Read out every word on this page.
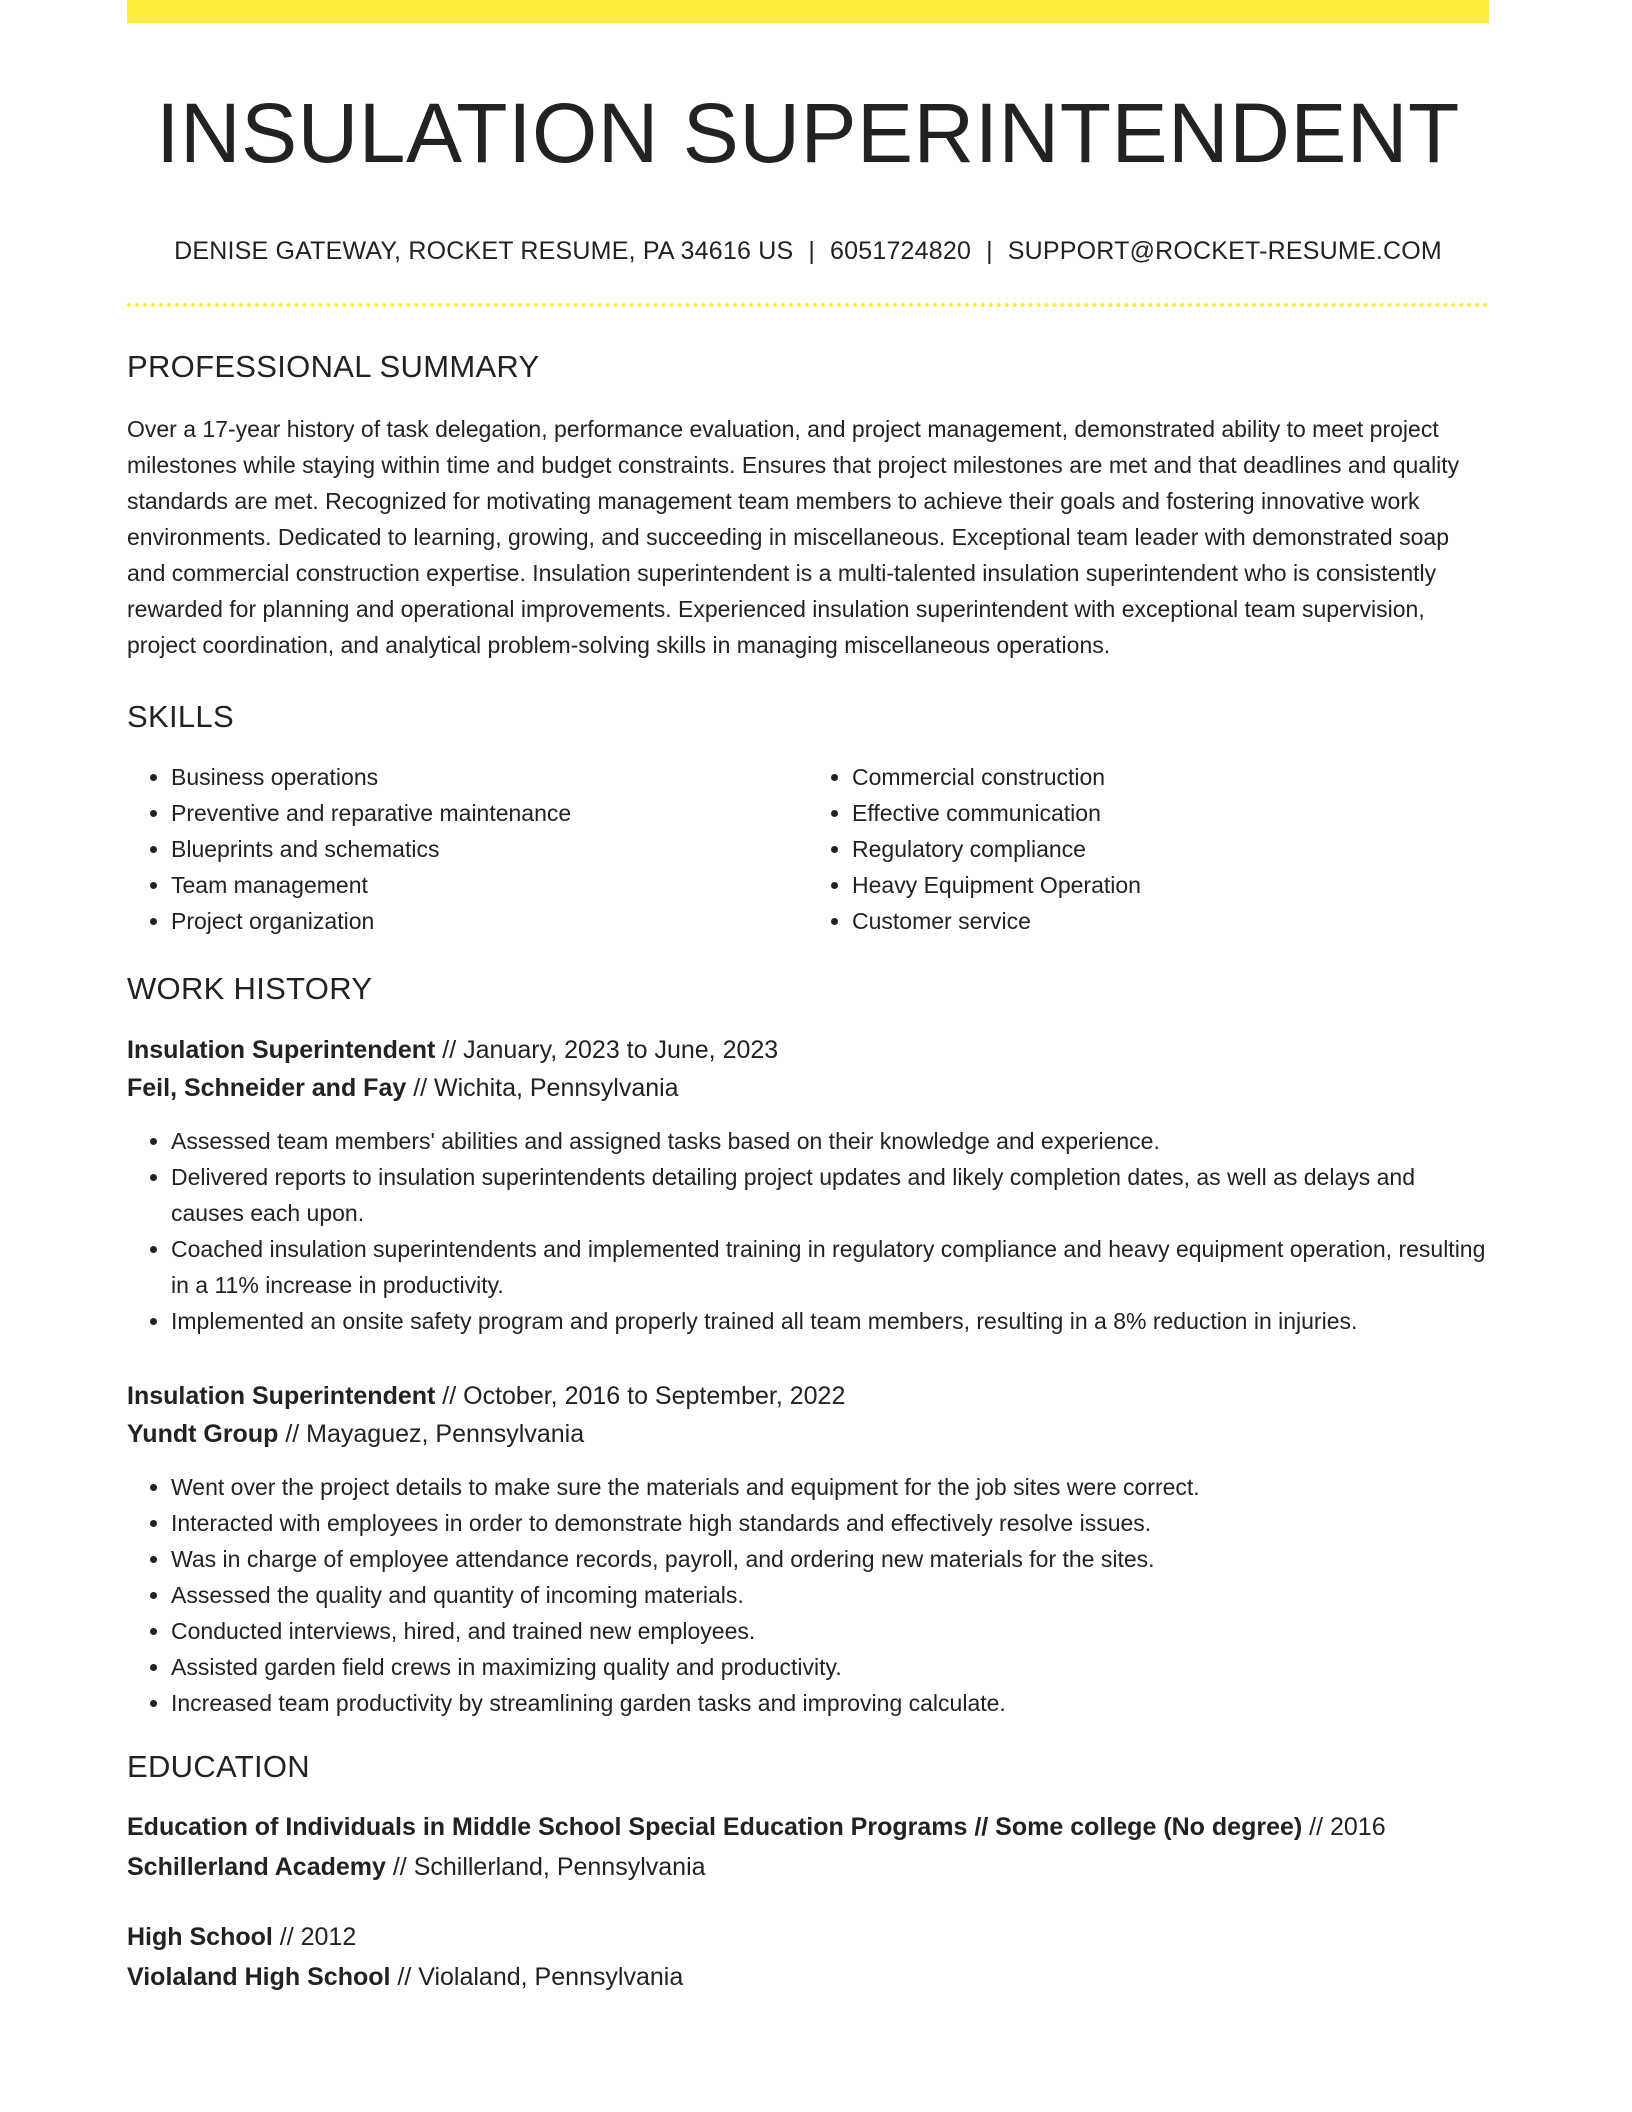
INSULATION SUPERINTENDENT
DENISE GATEWAY, ROCKET RESUME, PA 34616 US | 6051724820 | SUPPORT@ROCKET-RESUME.COM
PROFESSIONAL SUMMARY

Over a 17-year history of task delegation, performance evaluation, and project management, demonstrated ability to meet project milestones while staying within time and budget constraints. Ensures that project milestones are met and that deadlines and quality standards are met. Recognized for motivating management team members to achieve their goals and fostering innovative work environments. Dedicated to learning, growing, and succeeding in miscellaneous. Exceptional team leader with demonstrated soap and commercial construction expertise. Insulation superintendent is a multi-talented insulation superintendent who is consistently rewarded for planning and operational improvements. Experienced insulation superintendent with exceptional team supervision, project coordination, and analytical problem-solving skills in managing miscellaneous operations.

SKILLS
• Business operations
• Preventive and reparative maintenance
• Blueprints and schematics
• Team management
• Project organization
• Commercial construction
• Effective communication
• Regulatory compliance
• Heavy Equipment Operation
• Customer service
WORK HISTORY
Insulation Superintendent // January, 2023 to June, 2023
Feil, Schneider and Fay // Wichita, Pennsylvania
• Assessed team members' abilities and assigned tasks based on their knowledge and experience.
• Delivered reports to insulation superintendents detailing project updates and likely completion dates, as well as delays and causes each upon.
• Coached insulation superintendents and implemented training in regulatory compliance and heavy equipment operation, resulting in a 11% increase in productivity.
• Implemented an onsite safety program and properly trained all team members, resulting in a 8% reduction in injuries.
Insulation Superintendent // October, 2016 to September, 2022
Yundt Group // Mayaguez, Pennsylvania
• Went over the project details to make sure the materials and equipment for the job sites were correct.
• Interacted with employees in order to demonstrate high standards and effectively resolve issues.
• Was in charge of employee attendance records, payroll, and ordering new materials for the sites.
• Assessed the quality and quantity of incoming materials.
• Conducted interviews, hired, and trained new employees.
• Assisted garden field crews in maximizing quality and productivity.
• Increased team productivity by streamlining garden tasks and improving calculate.
EDUCATION
Education of Individuals in Middle School Special Education Programs // Some college (No degree) // 2016
Schillerland Academy // Schillerland, Pennsylvania
High School // 2012
Violaland High School // Violaland, Pennsylvania
